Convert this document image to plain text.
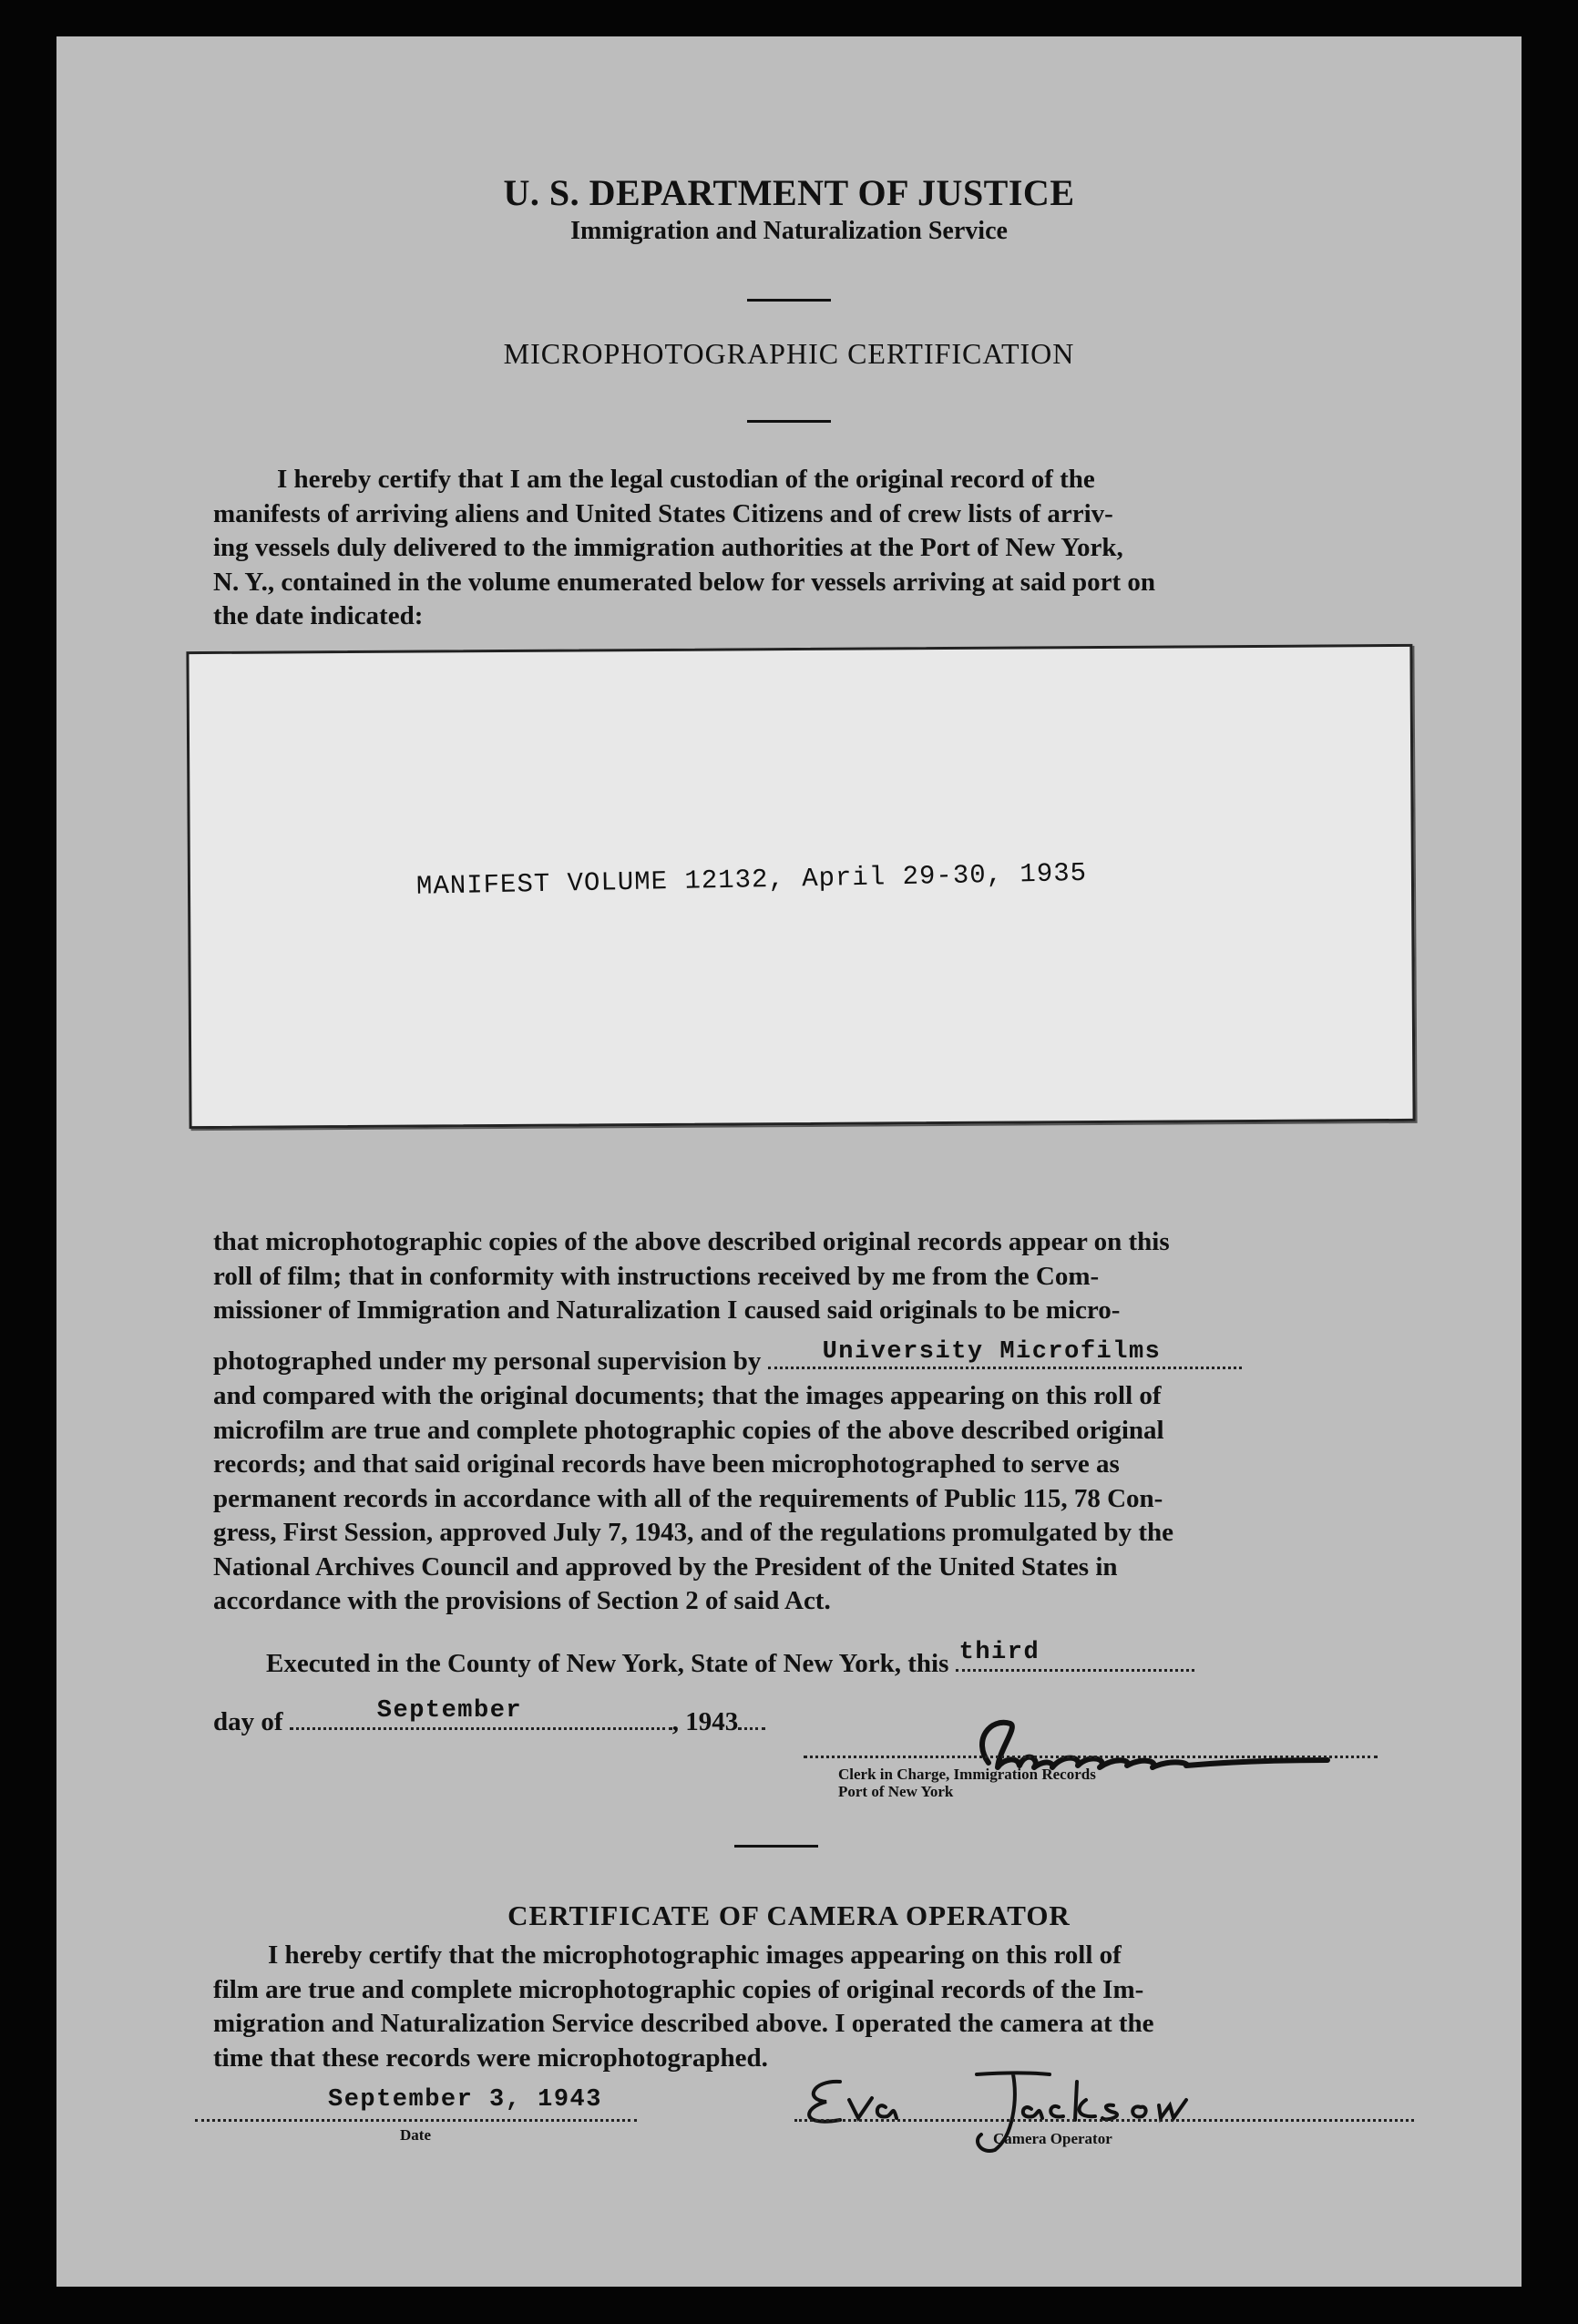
U. S. DEPARTMENT OF JUSTICE
Immigration and Naturalization Service
MICROPHOTOGRAPHIC CERTIFICATION

I hereby certify that I am the legal custodian of the original record of the

manifests of arriving aliens and United States Citizens and of crew lists of arriv-

ing vessels duly delivered to the immigration authorities at the Port of New York,

N. Y., contained in the volume enumerated below for vessels arriving at said port on

the date indicated:

MANIFEST VOLUME 12132, April 29-30, 1935

that microphotographic copies of the above described original records appear on this

roll of film; that in conformity with instructions received by me from the Com-

missioner of Immigration and Naturalization I caused said originals to be micro-

photographed under my personal supervision by University Microfilms

and compared with the original documents; that the images appearing on this roll of

microfilm are true and complete photographic copies of the above described original

records; and that said original records have been microphotographed to serve as

permanent records in accordance with all of the requirements of Public 115, 78 Con-

gress, First Session, approved July 7, 1943, and of the regulations promulgated by the

National Archives Council and approved by the President of the United States in

accordance with the provisions of Section 2 of said Act.

Executed in the County of New York, State of New York, this third
day of	September	, 1943
Clerk in Charge, Immigration Records
Port of New York
CERTIFICATE OF CAMERA OPERATOR

I hereby certify that the microphotographic images appearing on this roll of

film are true and complete microphotographic copies of original records of the Im-

migration and Naturalization Service described above. I operated the camera at the

time that these records were microphotographed.

September 3, 1943
Date	Camera Operator
